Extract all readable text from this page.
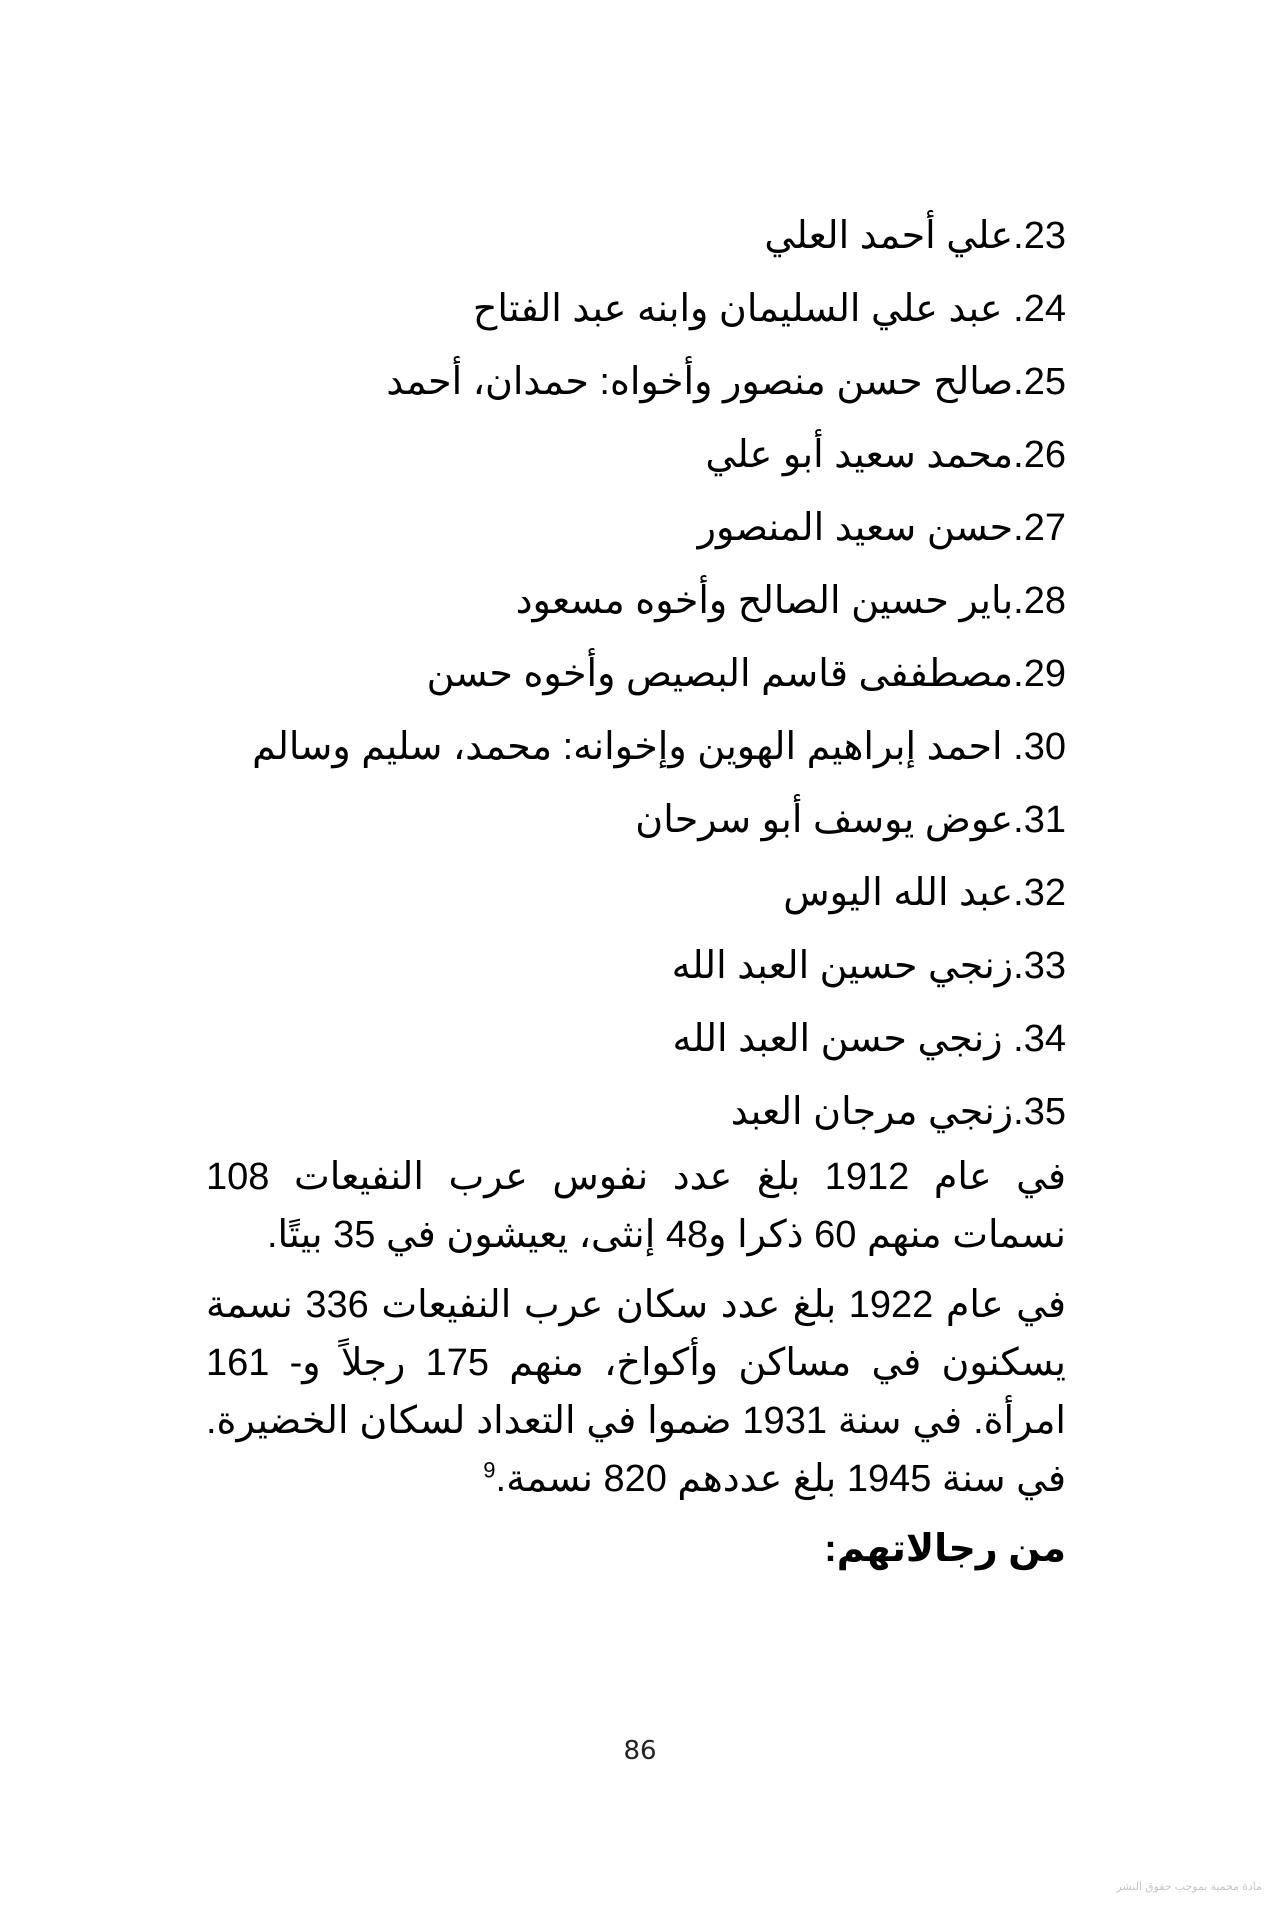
23.علي أحمد العلي
24. عبد علي السليمان وابنه عبد الفتاح
25.صالح حسن منصور وأخواه: حمدان، أحمد
26.محمد سعيد أبو علي
27.حسن سعيد المنصور
28.باير حسين الصالح وأخوه مسعود
29.مصطففى قاسم البصيص وأخوه حسن
30. احمد إبراهيم الهوين وإخوانه: محمد، سليم وسالم
31.عوض يوسف أبو سرحان
32.عبد الله اليوس
33.زنجي حسين العبد الله
34. زنجي حسن العبد الله
35.زنجي مرجان العبد

في عام 1912 بلغ عدد نفوس عرب النفيعات 108 نسمات منهم 60 ذكرا و48 إنثى، يعيشون في 35 بيتًا.

في عام 1922 بلغ عدد سكان عرب النفيعات 336 نسمة يسكنون في مساكن وأكواخ، منهم 175 رجلاً و- 161 امرأة. في سنة 1931 ضموا في التعداد لسكان الخضيرة. في سنة 1945 بلغ عددهم 820 نسمة.$^9$

من رجالاتهم:

86
مادة محمية بموجب حقوق النشر
